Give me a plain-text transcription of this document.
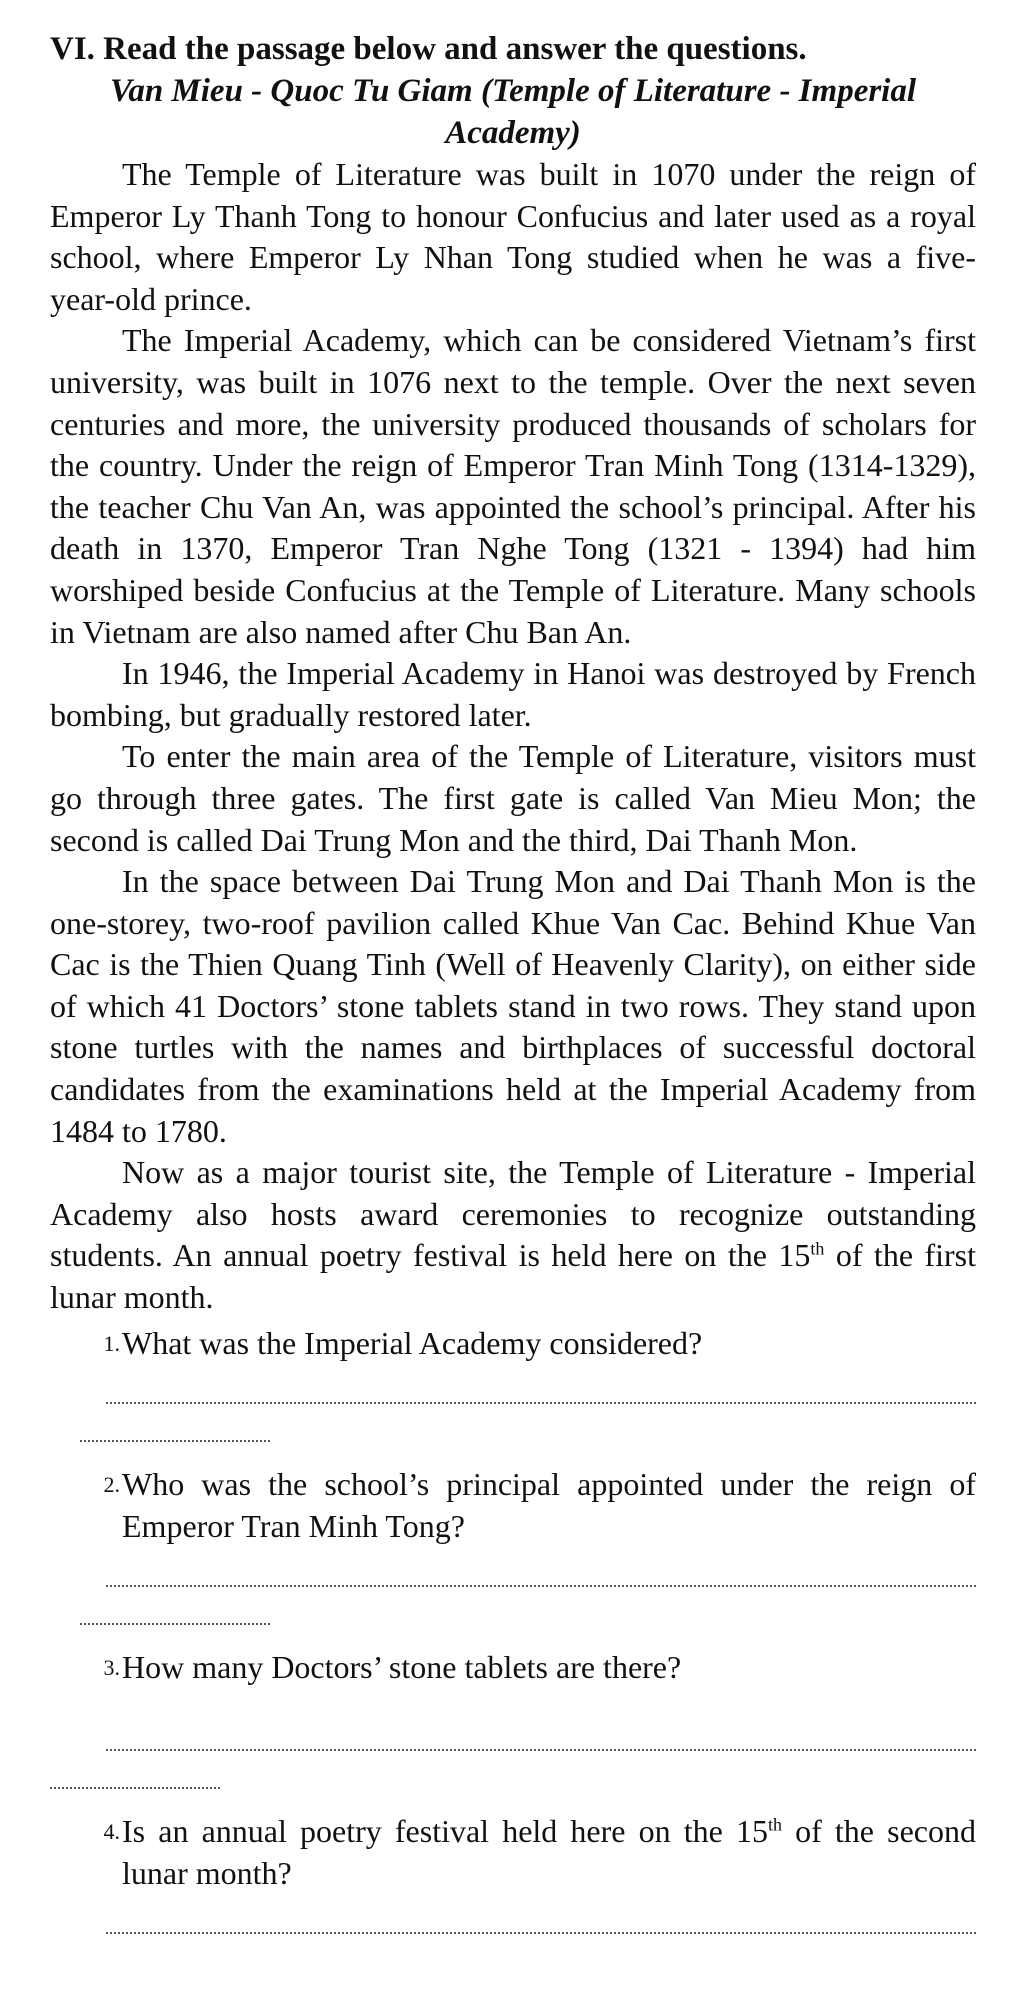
VI. Read the passage below and answer the questions.
Van Mieu - Quoc Tu Giam (Temple of Literature - Imperial Academy)

The Temple of Literature was built in 1070 under the reign of Emperor Ly Thanh Tong to honour Confucius and later used as a royal school, where Emperor Ly Nhan Tong studied when he was a five- year-old prince.

The Imperial Academy, which can be considered Vietnam’s first university, was built in 1076 next to the temple. Over the next seven centuries and more, the university produced thousands of scholars for the country. Under the reign of Emperor Tran Minh Tong (1314-1329), the teacher Chu Van An, was appointed the school’s principal. After his death in 1370, Emperor Tran Nghe Tong (1321 - 1394) had him worshiped beside Confucius at the Temple of Literature. Many schools in Vietnam are also named after Chu Ban An.

In 1946, the Imperial Academy in Hanoi was destroyed by French bombing, but gradually restored later.

To enter the main area of the Temple of Literature, visitors must go through three gates. The first gate is called Van Mieu Mon; the second is called Dai Trung Mon and the third, Dai Thanh Mon.

In the space between Dai Trung Mon and Dai Thanh Mon is the one-storey, two-roof pavilion called Khue Van Cac. Behind Khue Van Cac is the Thien Quang Tinh (Well of Heavenly Clarity), on either side of which 41 Doctors’ stone tablets stand in two rows. They stand upon stone turtles with the names and birthplaces of successful doctoral candidates from the examinations held at the Imperial Academy from 1484 to 1780.

Now as a major tourist site, the Temple of Literature - Imperial Academy also hosts award ceremonies to recognize outstanding students. An annual poetry festival is held here on the 15th of the first lunar month.

1. What was the Imperial Academy considered?

2. Who was the school’s principal appointed under the reign of Emperor Tran Minh Tong?

3. How many Doctors’ stone tablets are there?

4. Is an annual poetry festival held here on the 15th of the second lunar month?
